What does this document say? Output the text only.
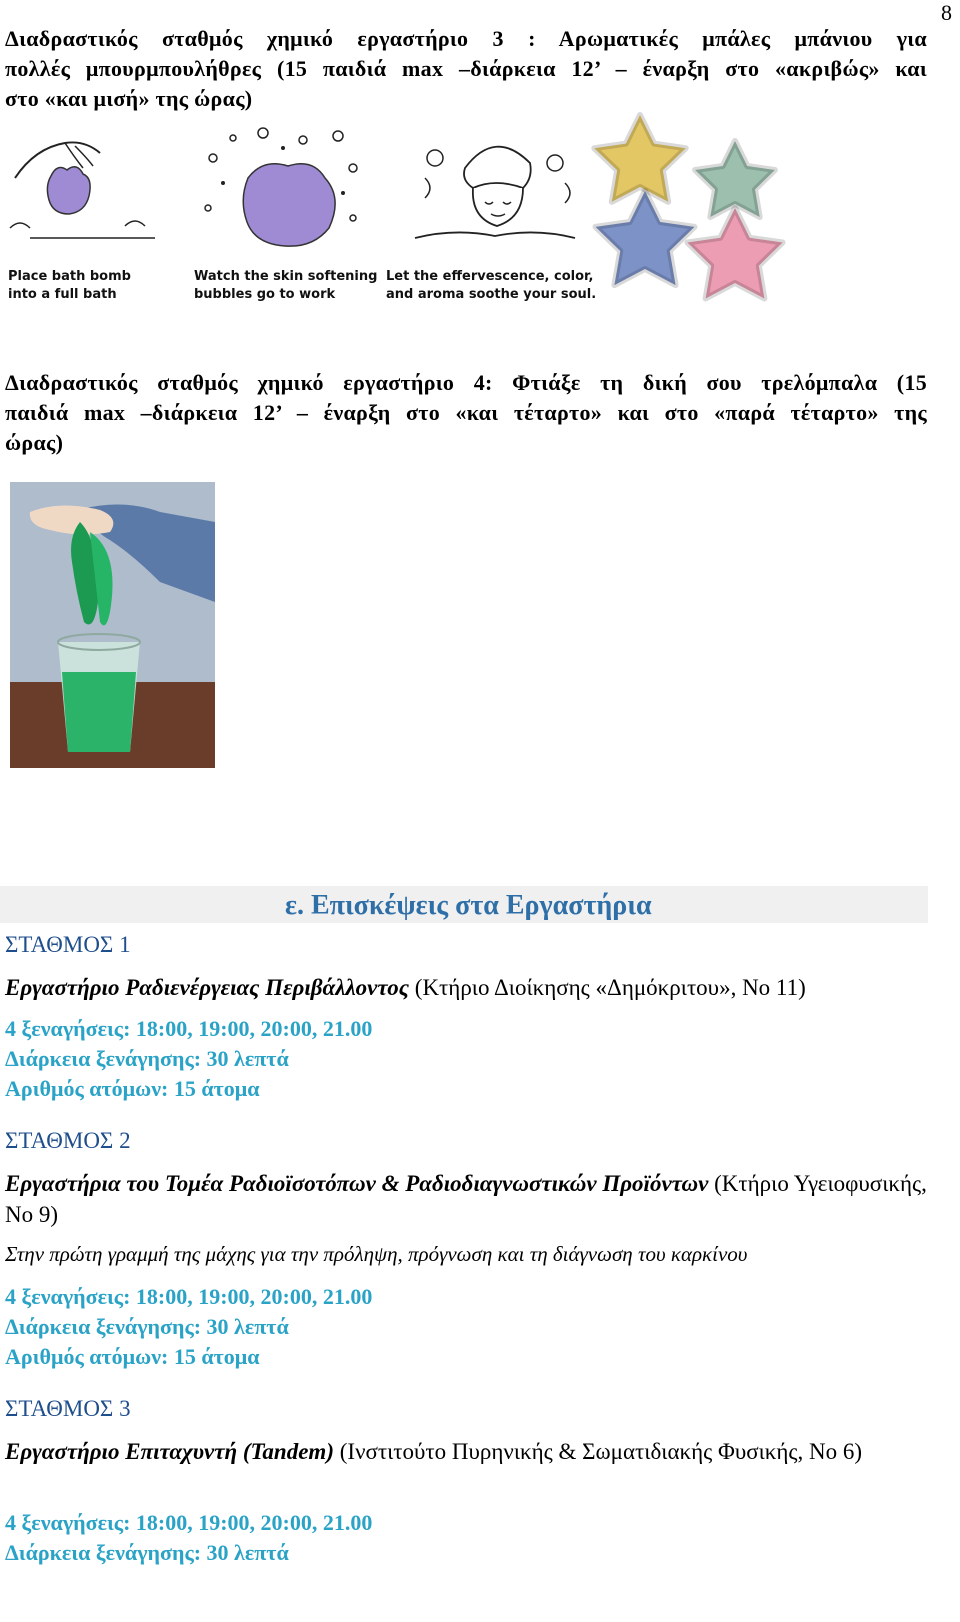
8
Διαδραστικός σταθμός χημικό εργαστήριο 3 : Αρωματικές μπάλες μπάνιου για
πολλές μπουρμπουλήθρες (15 παιδιά max –διάρκεια 12’ – έναρξη στο «ακριβώς» και
στο «και μισή» της ώρας)
Place bath bomb
into a full bath
Watch the skin softening
bubbles go to work
Let the effervescence, color,
and aroma soothe your soul.
Διαδραστικός σταθμός χημικό εργαστήριο 4: Φτιάξε τη δική σου τρελόμπαλα (15
παιδιά max –διάρκεια 12’ – έναρξη στο «και τέταρτο» και στο «παρά τέταρτο» της
ώρας)
ε. Επισκέψεις στα Εργαστήρια
ΣΤΑΘΜΟΣ 1
Εργαστήριο Ραδιενέργειας Περιβάλλοντος (Κτήριο Διοίκησης «Δημόκριτου», Νο 11)
4 ξεναγήσεις: 18:00, 19:00, 20:00, 21.00
Διάρκεια ξενάγησης: 30 λεπτά
Αριθμός ατόμων: 15 άτομα
ΣΤΑΘΜΟΣ 2
Εργαστήρια του Τομέα Ραδιοϊσοτόπων & Ραδιοδιαγνωστικών Προϊόντων (Κτήριο Υγειοφυσικής, Νο 9)
Στην πρώτη γραμμή της μάχης για την πρόληψη, πρόγνωση και τη διάγνωση του καρκίνου
4 ξεναγήσεις: 18:00, 19:00, 20:00, 21.00
Διάρκεια ξενάγησης: 30 λεπτά
Αριθμός ατόμων: 15 άτομα
ΣΤΑΘΜΟΣ 3
Εργαστήριο Επιταχυντή (Tandem) (Ινστιτούτο Πυρηνικής & Σωματιδιακής Φυσικής, Νο 6)
4 ξεναγήσεις: 18:00, 19:00, 20:00, 21.00
Διάρκεια ξενάγησης: 30 λεπτά
